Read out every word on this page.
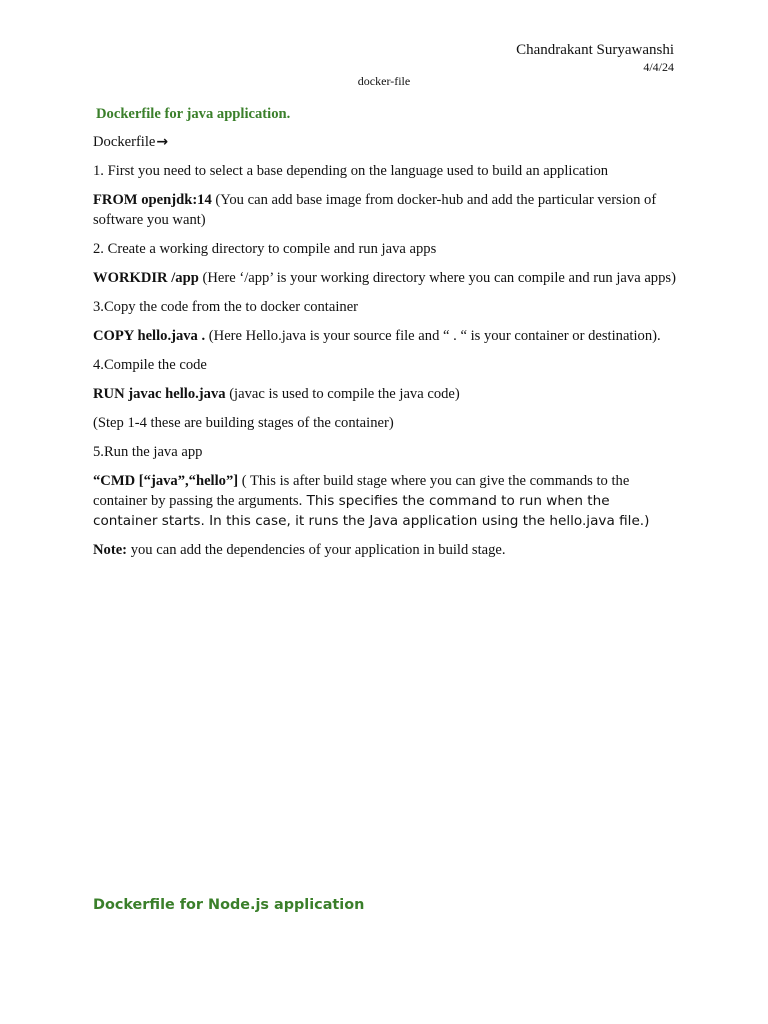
Chandrakant Suryawanshi
4/4/24
docker-file

Dockerfile for java application.

Dockerfile→

1. First you need to select a base depending on the language used to build an application

FROM openjdk:14 (You can add base image from docker-hub and add the particular version of software you want)

2. Create a working directory to compile and run java apps

WORKDIR /app (Here ‘/app’ is your working directory where you can compile and run java apps)

3.Copy the code from the to docker container

COPY hello.java . (Here Hello.java is your source file and “ . “ is your container or destination).

4.Compile the code

RUN javac hello.java (javac is used to compile the java code)

(Step 1-4 these are building stages of the container)

5.Run the java app

“CMD [“java”,“hello”] ( This is after build stage where you can give the commands to the container by passing the arguments. This specifies the command to run when the container starts. In this case, it runs the Java application using the hello.java file.)

Note: you can add the dependencies of your application in build stage.

Dockerfile for Node.js application
